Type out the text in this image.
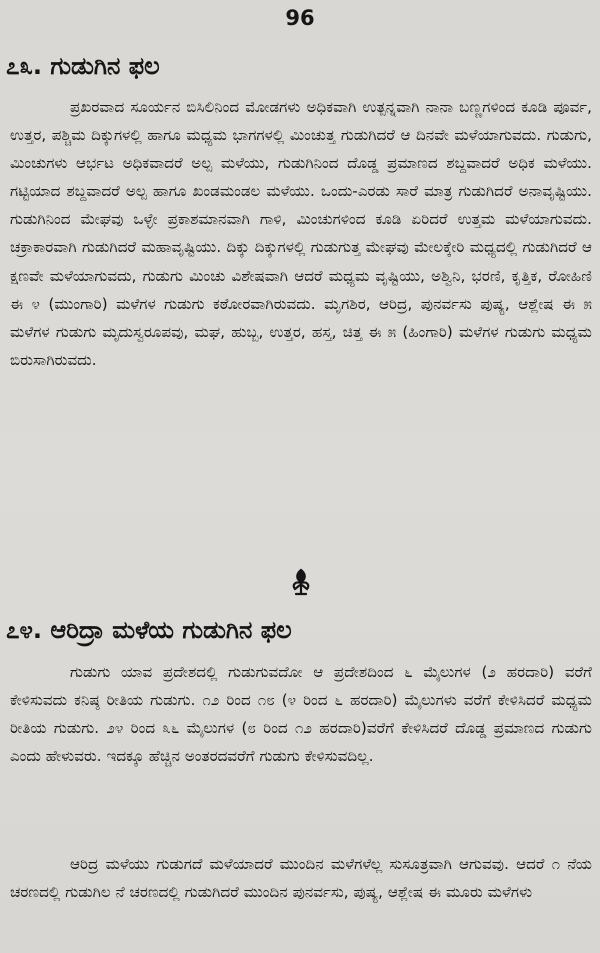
96
೭೩. ಗುಡುಗಿನ ಫಲ
ಪ್ರಖರವಾದ ಸೂರ್ಯನ ಬಿಸಿಲಿನಿಂದ ಮೋಡಗಳು ಅಧಿಕವಾಗಿ ಉತ್ಪನ್ನವಾಗಿ ನಾನಾ ಬಣ್ಣಗಳಿಂದ ಕೂಡಿ ಪೂರ್ವ, ಉತ್ತರ, ಪಶ್ಚಿಮ ದಿಕ್ಕುಗಳಲ್ಲಿ ಹಾಗೂ ಮಧ್ಯಮ ಭಾಗಗಳಲ್ಲಿ ಮಿಂಚುತ್ತ ಗುಡುಗಿದರೆ ಆ ದಿನವೇ ಮಳೆಯಾಗುವದು. ಗುಡುಗು, ಮಿಂಚುಗಳು ಆರ್ಭಟ ಅಧಿಕವಾದರೆ ಅಲ್ಪ ಮಳೆಯು, ಗುಡುಗಿನಿಂದ ದೊಡ್ಡ ಪ್ರಮಾಣದ ಶಬ್ದವಾದರೆ ಅಧಿಕ ಮಳೆಯು. ಗಟ್ಟಿಯಾದ ಶಬ್ದವಾದರೆ ಅಲ್ಪ ಹಾಗೂ ಖಂಡಮಂಡಲ ಮಳೆಯು. ಒಂದು-ಎರಡು ಸಾರೆ ಮಾತ್ರ ಗುಡುಗಿದರೆ ಅನಾವೃಷ್ಟಿಯು. ಗುಡುಗಿನಿಂದ ಮೇಘವು ಒಳ್ಳೇ ಪ್ರಕಾಶಮಾನವಾಗಿ ಗಾಳಿ, ಮಿಂಚುಗಳಿಂದ ಕೂಡಿ ಏರಿದರೆ ಉತ್ತಮ ಮಳೆಯಾಗುವದು. ಚಕ್ರಾಕಾರವಾಗಿ ಗುಡುಗಿದರೆ ಮಹಾವೃಷ್ಟಿಯು. ದಿಕ್ಕು ದಿಕ್ಕುಗಳಲ್ಲಿ ಗುಡುಗುತ್ತ ಮೇಘವು ಮೇಲಕ್ಕೇರಿ ಮಧ್ಯದಲ್ಲಿ ಗುಡುಗಿದರೆ ಆ ಕ್ಷಣವೇ ಮಳೆಯಾಗುವದು, ಗುಡುಗು ಮಿಂಚು ವಿಶೇಷವಾಗಿ ಆದರೆ ಮಧ್ಯಮ ವೃಷ್ಟಿಯು, ಅಶ್ವಿನಿ, ಭರಣಿ, ಕೃತ್ತಿಕ, ರೋಹಿಣಿ ಈ ೪ (ಮುಂಗಾರಿ) ಮಳೆಗಳ ಗುಡುಗು ಕಠೋರವಾಗಿರುವದು. ಮೃಗಶಿರ, ಆರಿದ್ರ, ಪುನರ್ವಸು ಪುಷ್ಯ, ಆಶ್ಲೇಷ ಈ ೫ ಮಳೆಗಳ ಗುಡುಗು ಮೃದುಸ್ವರೂಪವು, ಮಘ, ಹುಬ್ಬ, ಉತ್ತರ, ಹಸ್ತ, ಚಿತ್ತ ಈ ೫ (ಹಿಂಗಾರಿ) ಮಳೆಗಳ ಗುಡುಗು ಮಧ್ಯಮ ಬಿರುಸಾಗಿರುವದು.
೭೪. ಆರಿದ್ರಾ ಮಳೆಯ ಗುಡುಗಿನ ಫಲ
ಗುಡುಗು ಯಾವ ಪ್ರದೇಶದಲ್ಲಿ ಗುಡುಗುವದೋ ಆ ಪ್ರದೇಶದಿಂದ ೬ ಮೈಲುಗಳ (೨ ಹರದಾರಿ) ವರೆಗೆ ಕೇಳಿಸುವದು ಕನಿಷ್ಠ ರೀತಿಯ ಗುಡುಗು. ೧೨ ರಿಂದ ೧೮ (೪ ರಿಂದ ೬ ಹರದಾರಿ) ಮೈಲುಗಳು ವರೆಗೆ ಕೇಳಿಸಿದರೆ ಮಧ್ಯಮ ರೀತಿಯ ಗುಡುಗು. ೨೪ ರಿಂದ ೩೬ ಮೈಲುಗಳ (೮ ರಿಂದ ೧೨ ಹರದಾರಿ)ವರೆಗೆ ಕೇಳಿಸಿದರೆ ದೊಡ್ಡ ಪ್ರಮಾಣದ ಗುಡುಗು ಎಂದು ಹೇಳುವರು. ಇದಕ್ಕೂ ಹೆಚ್ಚಿನ ಅಂತರದವರೆಗೆ ಗುಡುಗು ಕೇಳಿಸುವದಿಲ್ಲ.
ಆರಿದ್ರ ಮಳೆಯು ಗುಡುಗದೆ ಮಳೆಯಾದರೆ ಮುಂದಿನ ಮಳೆಗಳೆಲ್ಲ ಸುಸೂತ್ರವಾಗಿ ಆಗುವವು. ಆದರೆ ೧ ನೆಯ ಚರಣದಲ್ಲಿ ಗುಡುಗಿಲ ನೆ ಚರಣದಲ್ಲಿ ಗುಡುಗಿದರೆ ಮುಂದಿನ ಪುನರ್ವಸು, ಪುಷ್ಯ, ಆಶ್ಲೇಷ ಈ ಮೂರು ಮಳೆಗಳು
